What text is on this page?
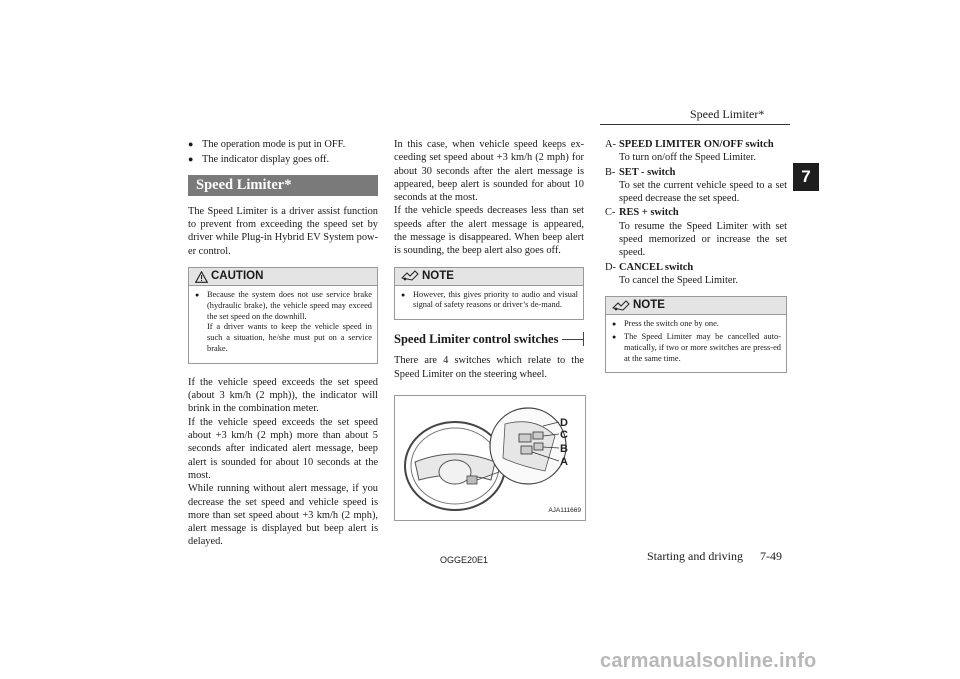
Speed Limiter*
7
● The operation mode is put in OFF.
● The indicator display goes off.
Speed Limiter*

The Speed Limiter is a driver assist function to prevent from exceeding the speed set by driver while Plug-in Hybrid EV System pow-er control.

CAUTION
● Because the system does not use service brake (hydraulic brake), the vehicle speed may exceed the set speed on the downhill.

If a driver wants to keep the vehicle speed in such a situation, he/she must put on a service brake.

If the vehicle speed exceeds the set speed (about 3 km/h (2 mph)), the indicator will brink in the combination meter.

If the vehicle speed exceeds the set speed about +3 km/h (2 mph) more than about 5 seconds after indicated alert message, beep alert is sounded for about 10 seconds at the most.

While running without alert message, if you decrease the set speed and vehicle speed is more than set speed about +3 km/h (2 mph), alert message is displayed but beep alert is delayed.

In this case, when vehicle speed keeps ex-ceeding set speed about +3 km/h (2 mph) for about 30 seconds after the alert message is appeared, beep alert is sounded for about 10 seconds at the most.

If the vehicle speeds decreases less than set speeds after the alert message is appeared, the message is disappeared. When beep alert is sounding, the beep alert also goes off.

NOTE
● However, this gives priority to audio and visual signal of safety reasons or driver’s de-mand.

Speed Limiter control switches

There are 4 switches which relate to the Speed Limiter on the steering wheel.

D
C
B
A
AJA111669
A- SPEED LIMITER ON/OFF switch

To turn on/off the Speed Limiter.

B- SET - switch

To set the current vehicle speed to a set speed decrease the set speed.

C- RES + switch

To resume the Speed Limiter with set speed memorized or increase the set speed.

D- CANCEL switch

To cancel the Speed Limiter.

NOTE
● Press the switch one by one.

● The Speed Limiter may be cancelled auto-matically, if two or more switches are press-ed at the same time.

OGGE20E1	Starting and driving 7-49
carmanualsonline.info
